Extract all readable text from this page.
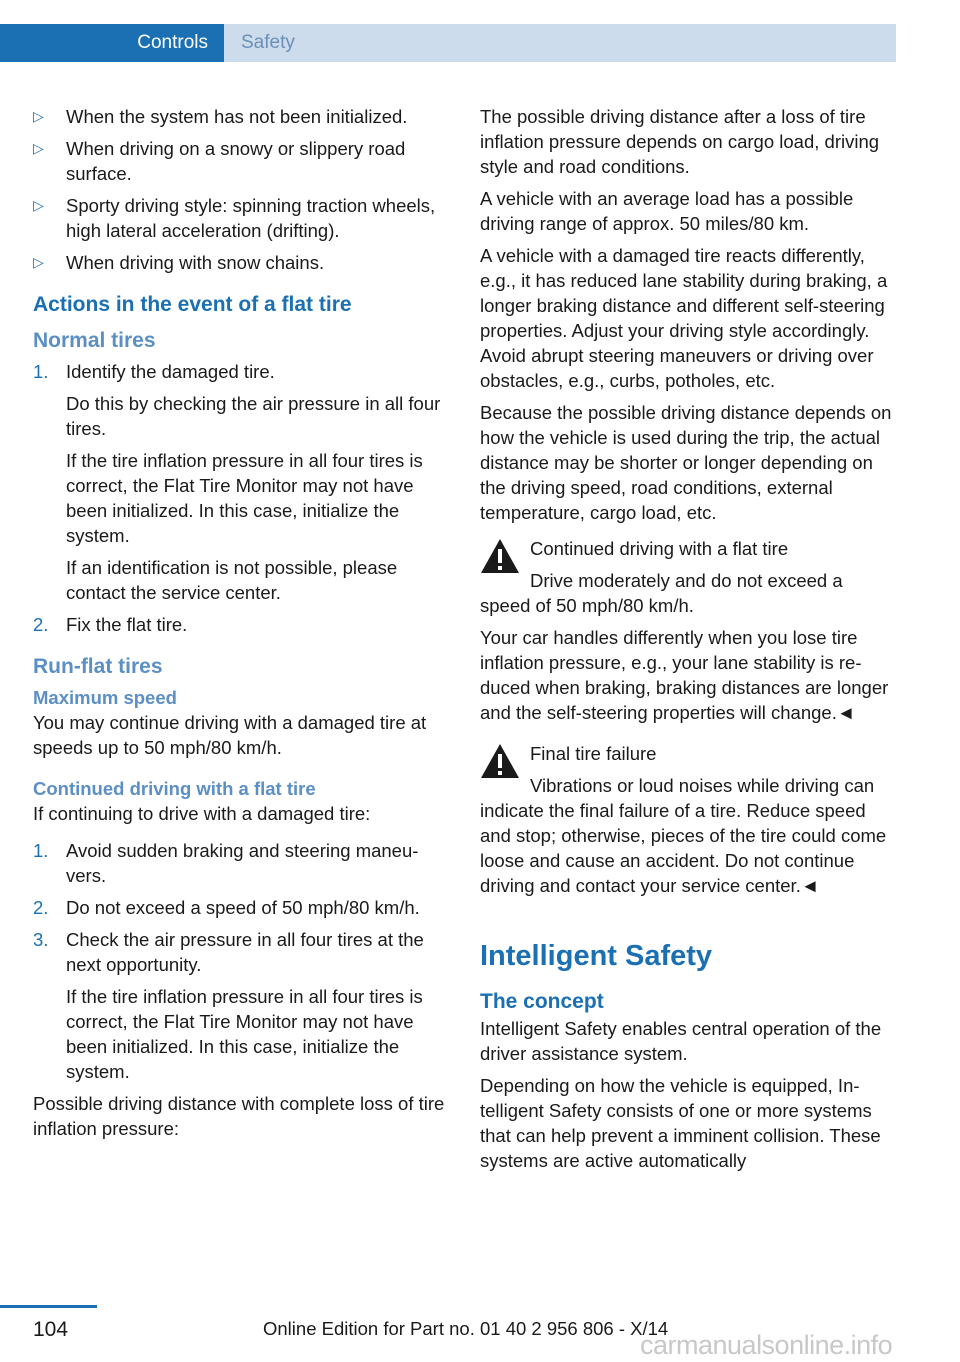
Controls	Safety
▷ When the system has not been initialized.
▷ When driving on a snowy or slippery road surface.
▷ Sporty driving style: spinning traction wheels, high lateral acceleration (drifting).
▷ When driving with snow chains.
Actions in the event of a flat tire
Normal tires
1. Identify the damaged tire.
Do this by checking the air pressure in all four tires.
If the tire inflation pressure in all four tires is correct, the Flat Tire Monitor may not have been initialized. In this case, initialize the system.
If an identification is not possible, please contact the service center.
2. Fix the flat tire.
Run-flat tires
Maximum speed

You may continue driving with a damaged tire at speeds up to 50 mph/80 km/h.

Continued driving with a flat tire

If continuing to drive with a damaged tire:

1. Avoid sudden braking and steering maneuvers.
2. Do not exceed a speed of 50 mph/80 km/h.
3. Check the air pressure in all four tires at the next opportunity.
If the tire inflation pressure in all four tires is correct, the Flat Tire Monitor may not have been initialized. In this case, initialize the system.

Possible driving distance with complete loss of tire inflation pressure:

The possible driving distance after a loss of tire inflation pressure depends on cargo load, driving style and road conditions.

A vehicle with an average load has a possible driving range of approx. 50 miles/80 km.

A vehicle with a damaged tire reacts differently, e.g., it has reduced lane stability during braking, a longer braking distance and different self-steering properties. Adjust your driving style accordingly. Avoid abrupt steering maneuvers or driving over obstacles, e.g., curbs, potholes, etc.

Because the possible driving distance depends on how the vehicle is used during the trip, the actual distance may be shorter or longer depending on the driving speed, road conditions, external temperature, cargo load, etc.

Continued driving with a flat tire
Drive moderately and do not exceed a speed of 50 mph/80 km/h.

Your car handles differently when you lose tire inflation pressure, e.g., your lane stability is reduced when braking, braking distances are longer and the self-steering properties will change.◄

Final tire failure
Vibrations or loud noises while driving can indicate the final failure of a tire. Reduce speed and stop; otherwise, pieces of the tire could come loose and cause an accident. Do not continue driving and contact your service center.◄
Intelligent Safety
The concept

Intelligent Safety enables central operation of the driver assistance system.

Depending on how the vehicle is equipped, Intelligent Safety consists of one or more systems that can help prevent a imminent collision. These systems are active automatically

104	Online Edition for Part no. 01 40 2 956 806 - X/14
carmanualsonline.info
